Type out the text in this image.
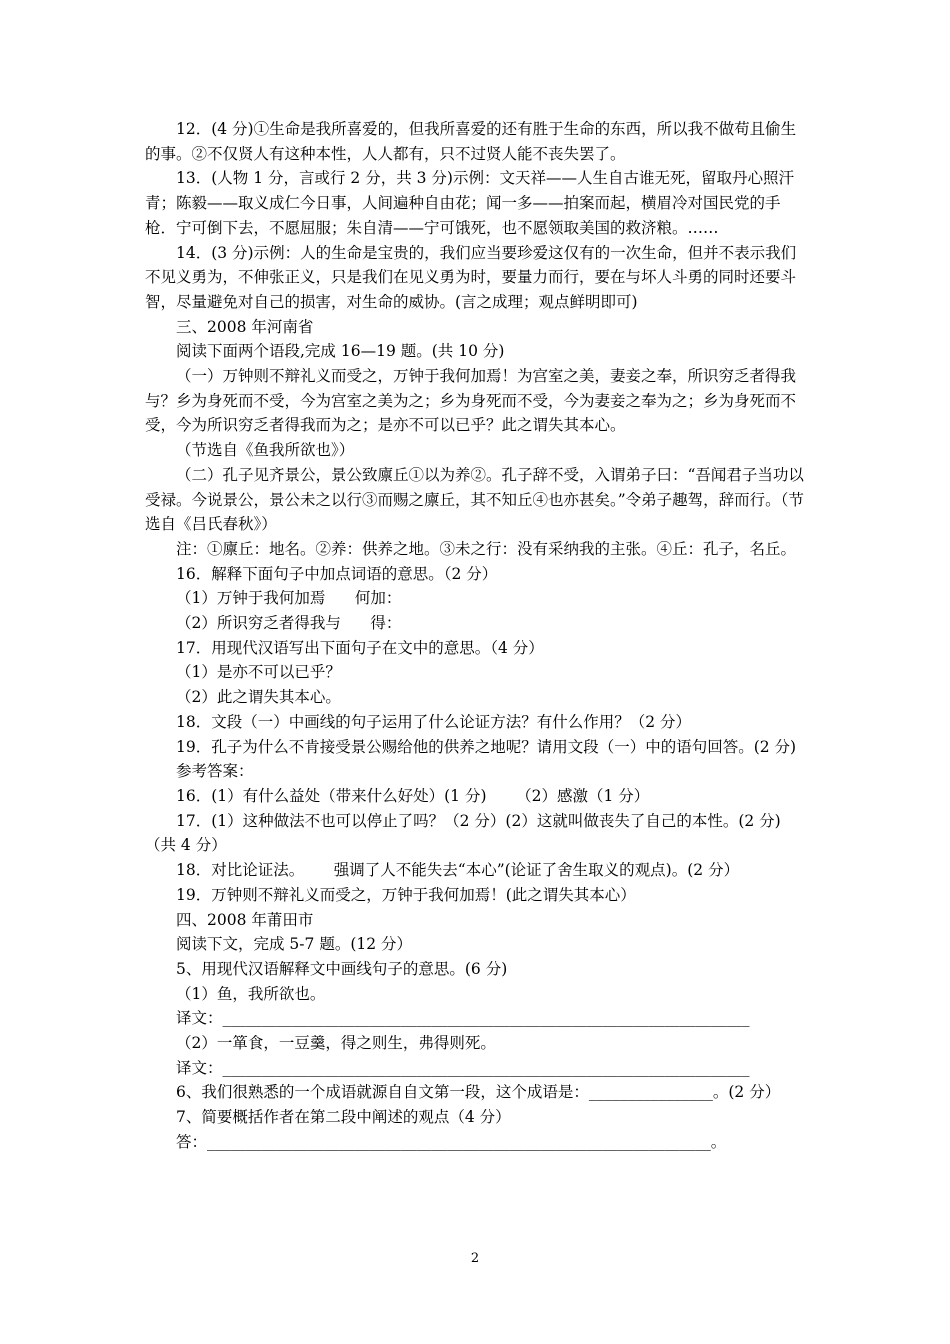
12．(4 分)①生命是我所喜爱的，但我所喜爱的还有胜于生命的东西，所以我不做苟且偷生的事。②不仅贤人有这种本性，人人都有，只不过贤人能不丧失罢了。

13．(人物 1 分，言或行 2 分，共 3 分)示例：文天祥——人生自古谁无死，留取丹心照汗青；陈毅——取义成仁今日事，人间遍种自由花；闻一多——拍案而起，横眉冷对国民党的手枪．宁可倒下去，不愿屈服；朱自清——宁可饿死，也不愿领取美国的救济粮。……

14．(3 分)示例：人的生命是宝贵的，我们应当要珍爱这仅有的一次生命，但并不表示我们不见义勇为，不伸张正义，只是我们在见义勇为时，要量力而行，要在与坏人斗勇的同时还要斗智，尽量避免对自己的损害，对生命的威协。(言之成理；观点鲜明即可)

三、2008 年河南省

阅读下面两个语段,完成 16—19 题。(共 10 分)

（一）万钟则不辩礼义而受之，万钟于我何加焉！为宫室之美，妻妾之奉，所识穷乏者得我与？乡为身死而不受，今为宫室之美为之；乡为身死而不受，今为妻妾之奉为之；乡为身死而不受，今为所识穷乏者得我而为之；是亦不可以已乎？此之谓失其本心。

（节选自《鱼我所欲也》）

（二）孔子见齐景公，景公致廪丘①以为养②。孔子辞不受，入谓弟子曰：“吾闻君子当功以受禄。今说景公，景公未之以行③而赐之廪丘，其不知丘④也亦甚矣。”令弟子趣驾，辞而行。（节选自《吕氏春秋》）

注：①廪丘：地名。②养：供养之地。③未之行：没有采纳我的主张。④丘：孔子，名丘。

16．解释下面句子中加点词语的意思。（2 分）

（1）万钟于我何加焉      何加：

（2）所识穷乏者得我与      得：

17．用现代汉语写出下面句子在文中的意思。（4 分）

（1）是亦不可以已乎？

（2）此之谓失其本心。

18．文段（一）中画线的句子运用了什么论证方法？有什么作用？（2 分）

19．孔子为什么不肯接受景公赐给他的供养之地呢？请用文段（一）中的语句回答。(2 分)

参考答案：

16．(1）有什么益处（带来什么好处）(1 分)      （2）感激（1 分）

17．(1）这种做法不也可以停止了吗？（2 分）(2）这就叫做丧失了自己的本性。(2 分)（共 4 分）

18．对比论证法。      强调了人不能失去“本心”(论证了舍生取义的观点)。(2 分）

19．万钟则不辩礼义而受之，万钟于我何加焉！(此之谓失其本心）

四、2008 年莆田市

阅读下文，完成 5-7 题。(12 分）

5、用现代汉语解释文中画线句子的意思。(6 分)

（1）鱼，我所欲也。

译文：____________________________________________________________________

（2）一箪食，一豆羹，得之则生，弗得则死。

译文：____________________________________________________________________

6、我们很熟悉的一个成语就源自自文第一段，这个成语是：________________。(2 分）

7、简要概括作者在第二段中阐述的观点（4 分）

答：_________________________________________________________________。

2
